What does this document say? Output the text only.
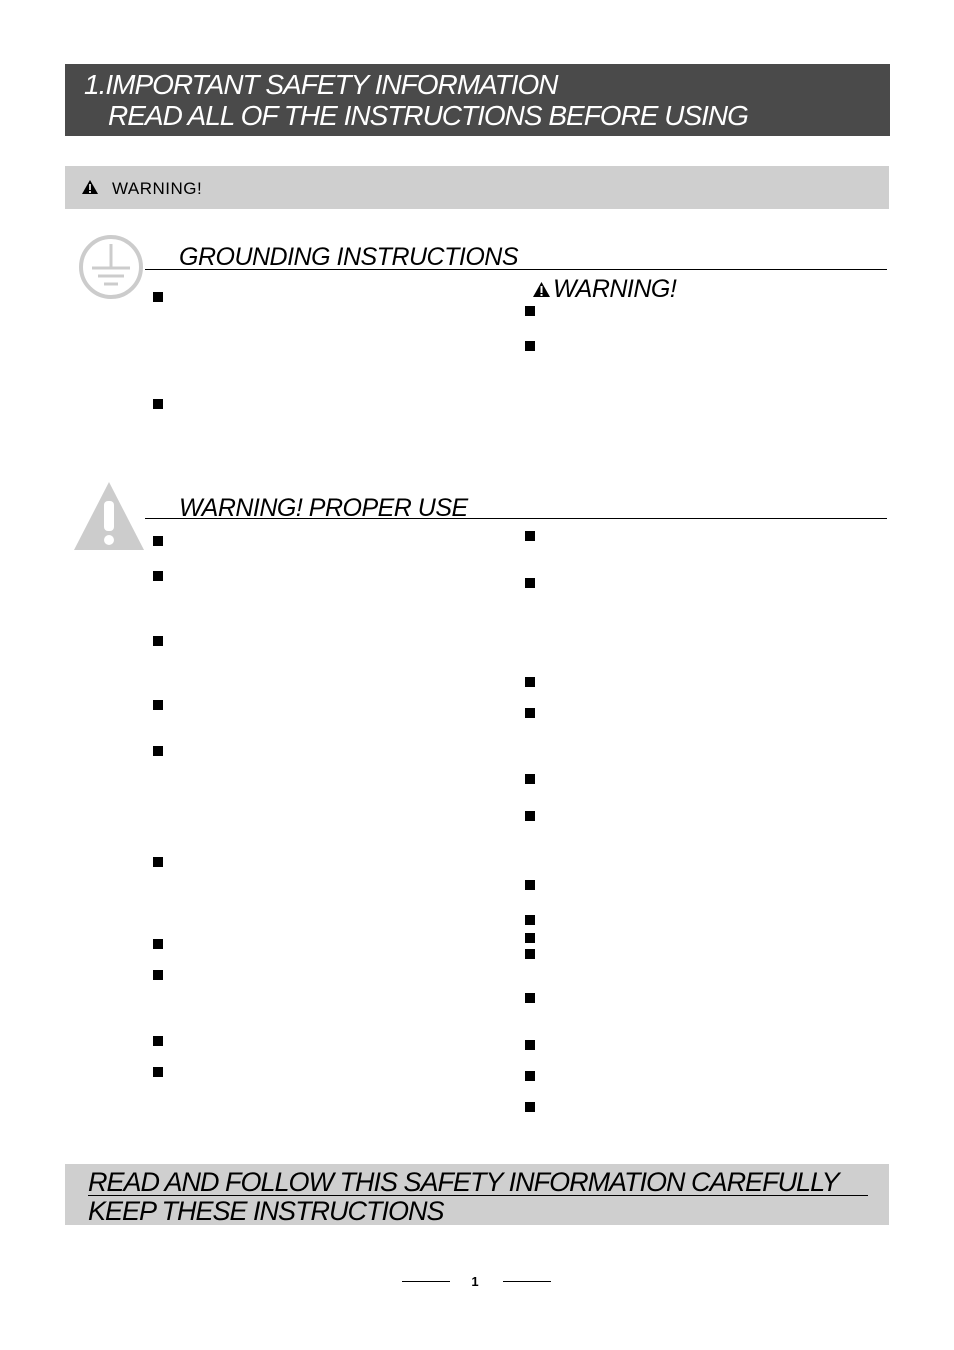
1.IMPORTANT SAFETY INFORMATION
READ ALL OF THE INSTRUCTIONS BEFORE USING
WARNING!
GROUNDING INSTRUCTIONS
WARNING!
WARNING! PROPER USE
READ AND FOLLOW THIS SAFETY INFORMATION CAREFULLY
KEEP THESE INSTRUCTIONS
1
